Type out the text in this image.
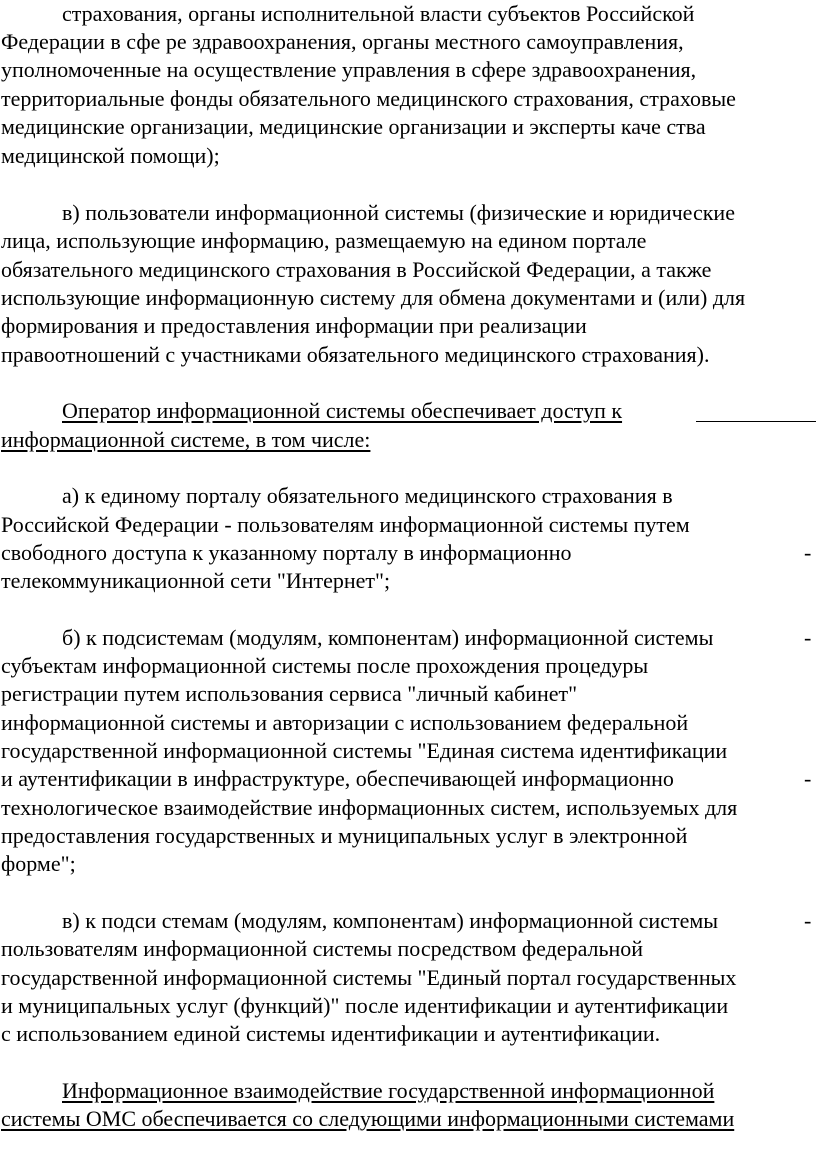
страхования, органы исполнительной власти субъектов Российской
Федерации в сфе ре здравоохранения, органы местного самоуправления,
уполномоченные на осуществление управления в сфере здравоохранения,
территориальные фонды обязательного медицинского страхования, страховые
медицинские организации, медицинские организации и эксперты каче ства
медицинской помощи);
в) пользователи информационной системы (физические и юридические
лица, использующие информацию, размещаемую на едином портале
обязательного медицинского страхования в Российской Федерации, а также
использующие информационную систему для обмена документами и (или) для
формирования и предоставления информации при реализации
правоотношений с участниками обязательного медицинского страхования).
Оператор информационной системы обеспечивает доступ к
информационной системе, в том числе:
а) к единому порталу обязательного медицинского страхования в
Российской Федерации - пользователям информационной системы путем
свободного доступа к указанному порталу в информационно	-
телекоммуникационной сети "Интернет";
б) к подсистемам (модулям, компонентам) информационной системы	-
субъектам информационной системы после прохождения процедуры
регистрации путем использования сервиса "личный кабинет"
информационной системы и авторизации с использованием федеральной
государственной информационной системы "Единая система идентификации
и аутентификации в инфраструктуре, обеспечивающей информационно	-
технологическое взаимодействие информационных систем, используемых для
предоставления государственных и муниципальных услуг в электронной
форме";
в) к подси стемам (модулям, компонентам) информационной системы	-
пользователям информационной системы посредством федеральной
государственной информационной системы "Единый портал государственных
и муниципальных услуг (функций)" после идентификации и аутентификации
с использованием единой системы идентификации и аутентификации.
Информационное взаимодействие государственной информационной
системы ОМС обеспечивается со следующими информационными системами
